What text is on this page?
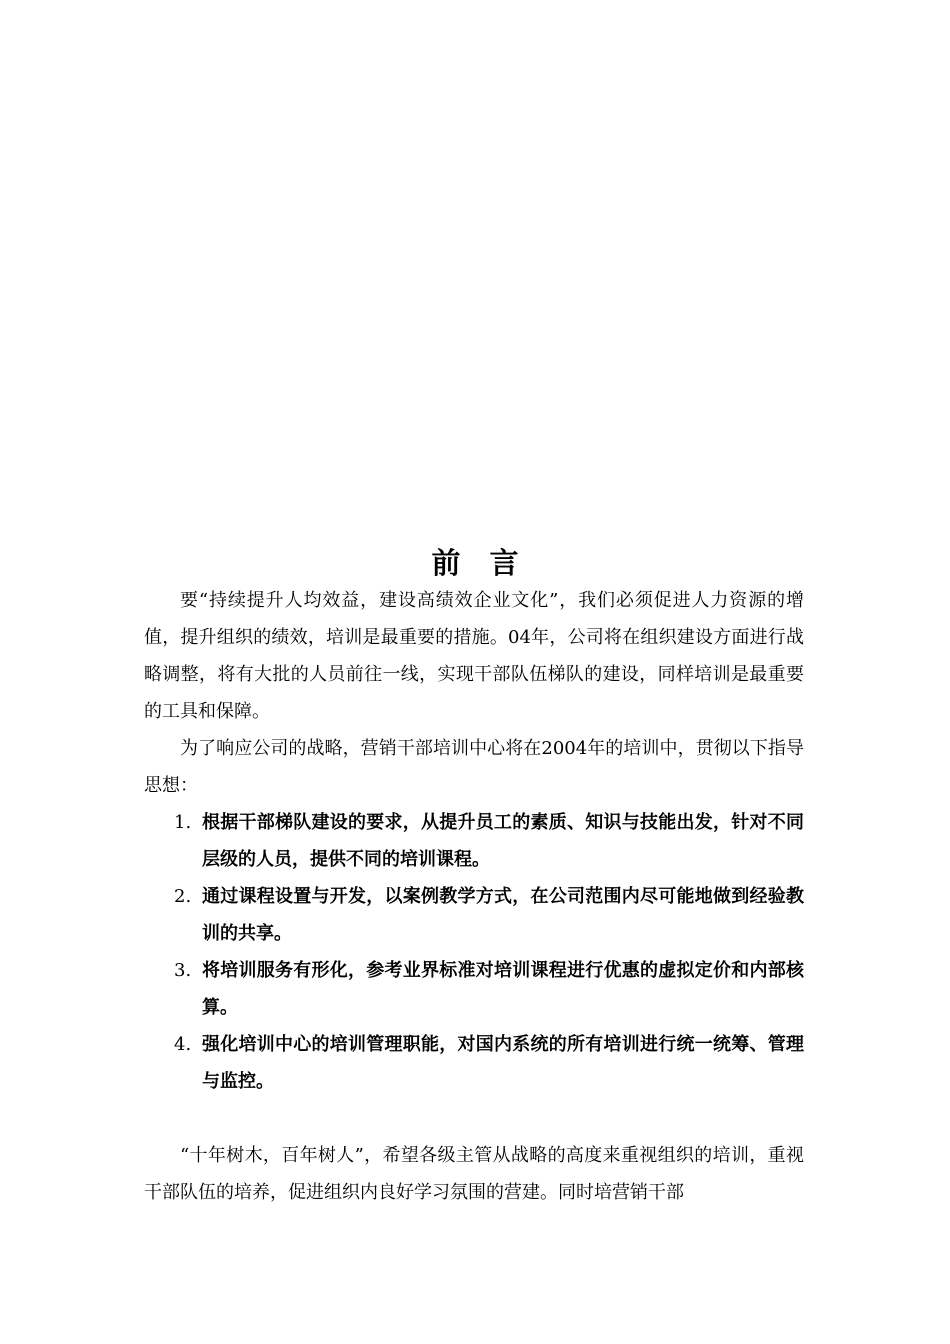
前　言

要“持续提升人均效益，建设高绩效企业文化”，我们必须促进人力资源的增值，提升组织的绩效，培训是最重要的措施。04年，公司将在组织建设方面进行战略调整，将有大批的人员前往一线，实现干部队伍梯队的建设，同样培训是最重要的工具和保障。

为了响应公司的战略，营销干部培训中心将在2004年的培训中，贯彻以下指导思想：

1. 根据干部梯队建设的要求，从提升员工的素质、知识与技能出发，针对不同层级的人员，提供不同的培训课程。
2. 通过课程设置与开发，以案例教学方式，在公司范围内尽可能地做到经验教训的共享。
3. 将培训服务有形化，参考业界标准对培训课程进行优惠的虚拟定价和内部核算。
4. 强化培训中心的培训管理职能，对国内系统的所有培训进行统一统筹、管理与监控。

“十年树木，百年树人”，希望各级主管从战略的高度来重视组织的培训，重视干部队伍的培养，促进组织内良好学习氛围的营建。同时培营销干部
